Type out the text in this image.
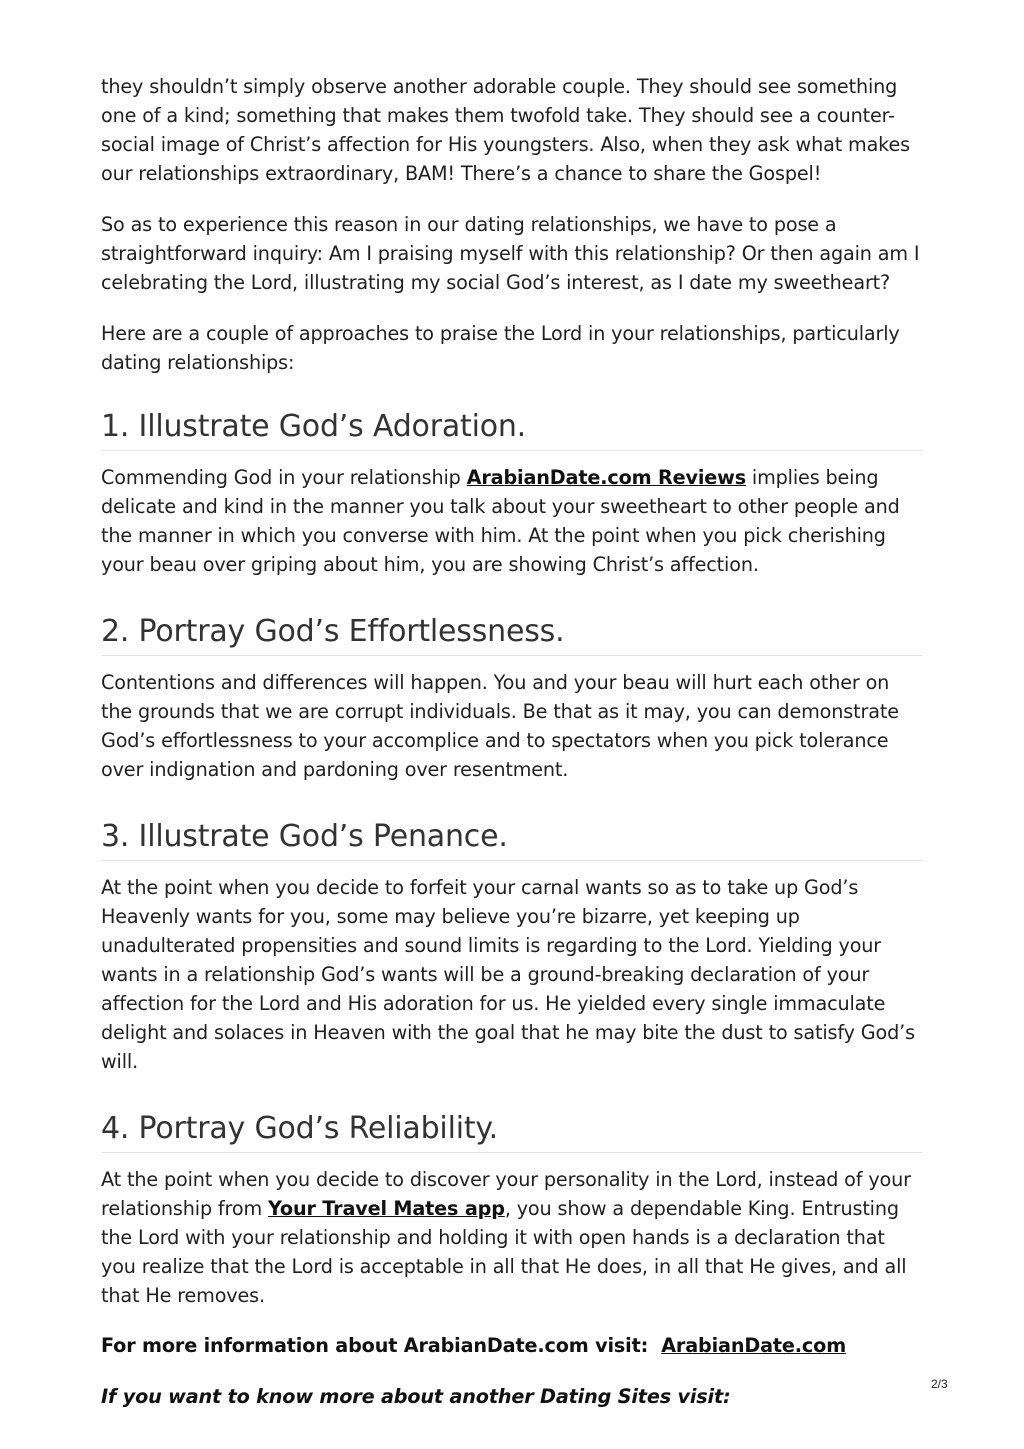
they shouldn’t simply observe another adorable couple. They should see something one of a kind; something that makes them twofold take. They should see a counter-social image of Christ’s affection for His youngsters. Also, when they ask what makes our relationships extraordinary, BAM! There’s a chance to share the Gospel!

So as to experience this reason in our dating relationships, we have to pose a straightforward inquiry: Am I praising myself with this relationship? Or then again am I celebrating the Lord, illustrating my social God’s interest, as I date my sweetheart?

Here are a couple of approaches to praise the Lord in your relationships, particularly dating relationships:

1. Illustrate God’s Adoration.

Commending God in your relationship ArabianDate.com Reviews implies being delicate and kind in the manner you talk about your sweetheart to other people and the manner in which you converse with him. At the point when you pick cherishing your beau over griping about him, you are showing Christ’s affection.

2. Portray God’s Effortlessness.

Contentions and differences will happen. You and your beau will hurt each other on the grounds that we are corrupt individuals. Be that as it may, you can demonstrate God’s effortlessness to your accomplice and to spectators when you pick tolerance over indignation and pardoning over resentment.

3. Illustrate God’s Penance.

At the point when you decide to forfeit your carnal wants so as to take up God’s Heavenly wants for you, some may believe you’re bizarre, yet keeping up unadulterated propensities and sound limits is regarding to the Lord. Yielding your wants in a relationship God’s wants will be a ground-breaking declaration of your affection for the Lord and His adoration for us. He yielded every single immaculate delight and solaces in Heaven with the goal that he may bite the dust to satisfy God’s will.

4. Portray God’s Reliability.

At the point when you decide to discover your personality in the Lord, instead of your relationship from Your Travel Mates app, you show a dependable King. Entrusting the Lord with your relationship and holding it with open hands is a declaration that you realize that the Lord is acceptable in all that He does, in all that He gives, and all that He removes.

For more information about ArabianDate.com visit:  ArabianDate.com

If you want to know more about another Dating Sites visit:

2/3
